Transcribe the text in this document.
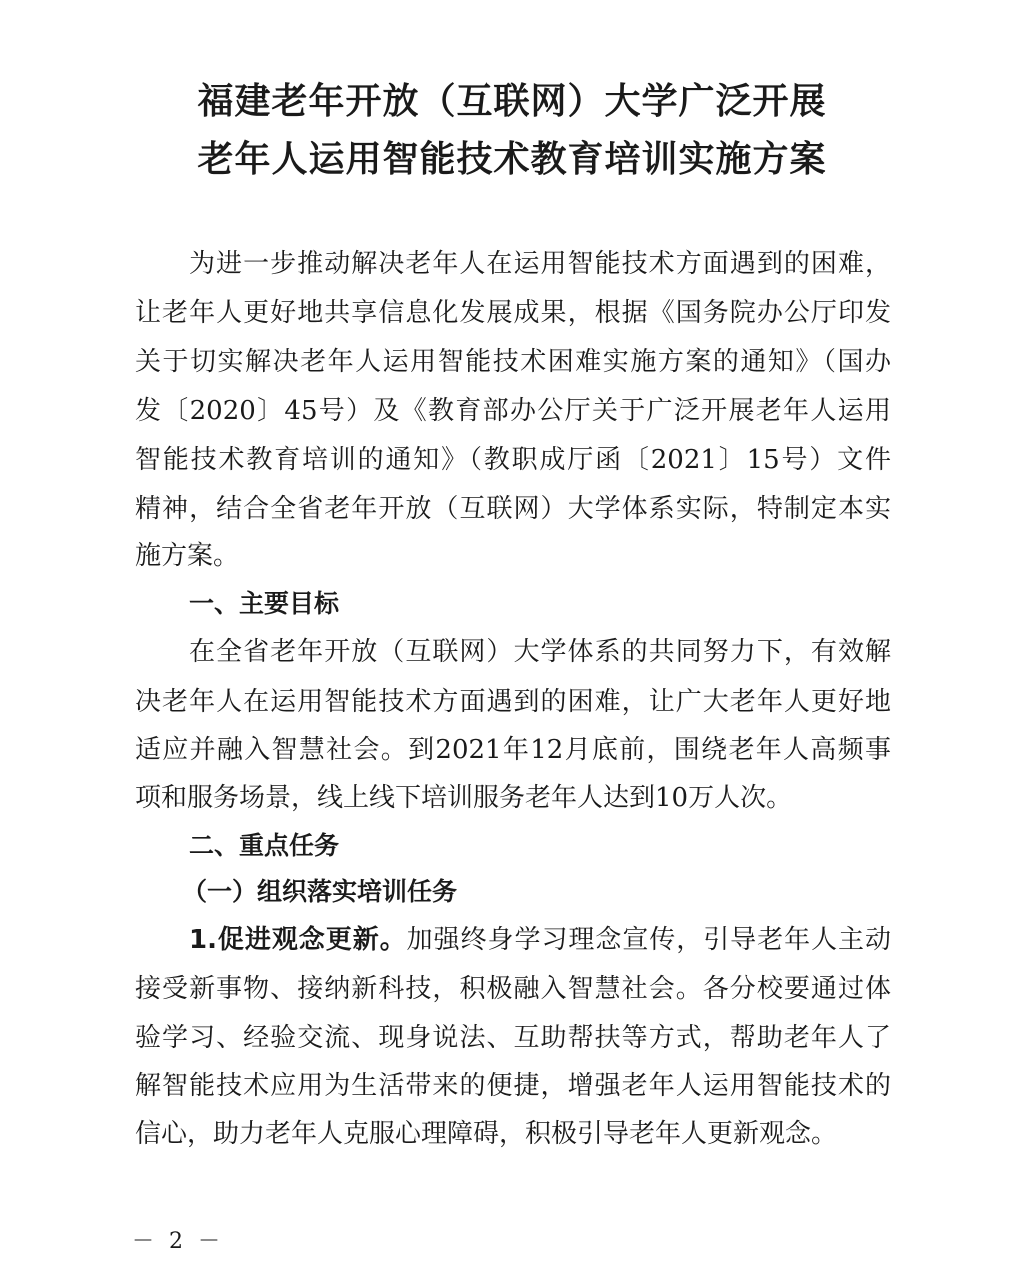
福建老年开放（互联网）大学广泛开展
老年人运用智能技术教育培训实施方案
为进一步推动解决老年人在运用智能技术方面遇到的困难，
让老年人更好地共享信息化发展成果，根据《国务院办公厅印发
关于切实解决老年人运用智能技术困难实施方案的通知》（国办
发〔2020〕45号）及《教育部办公厅关于广泛开展老年人运用
智能技术教育培训的通知》（教职成厅函〔2021〕15号）文件
精神，结合全省老年开放（互联网）大学体系实际，特制定本实
施方案。
一、主要目标
在全省老年开放（互联网）大学体系的共同努力下，有效解
决老年人在运用智能技术方面遇到的困难，让广大老年人更好地
适应并融入智慧社会。到2021年12月底前，围绕老年人高频事
项和服务场景，线上线下培训服务老年人达到10万人次。
二、重点任务
（一）组织落实培训任务
1.促进观念更新。加强终身学习理念宣传，引导老年人主动
接受新事物、接纳新科技，积极融入智慧社会。各分校要通过体
验学习、经验交流、现身说法、互助帮扶等方式，帮助老年人了
解智能技术应用为生活带来的便捷，增强老年人运用智能技术的
信心，助力老年人克服心理障碍，积极引导老年人更新观念。
－ 2 －
